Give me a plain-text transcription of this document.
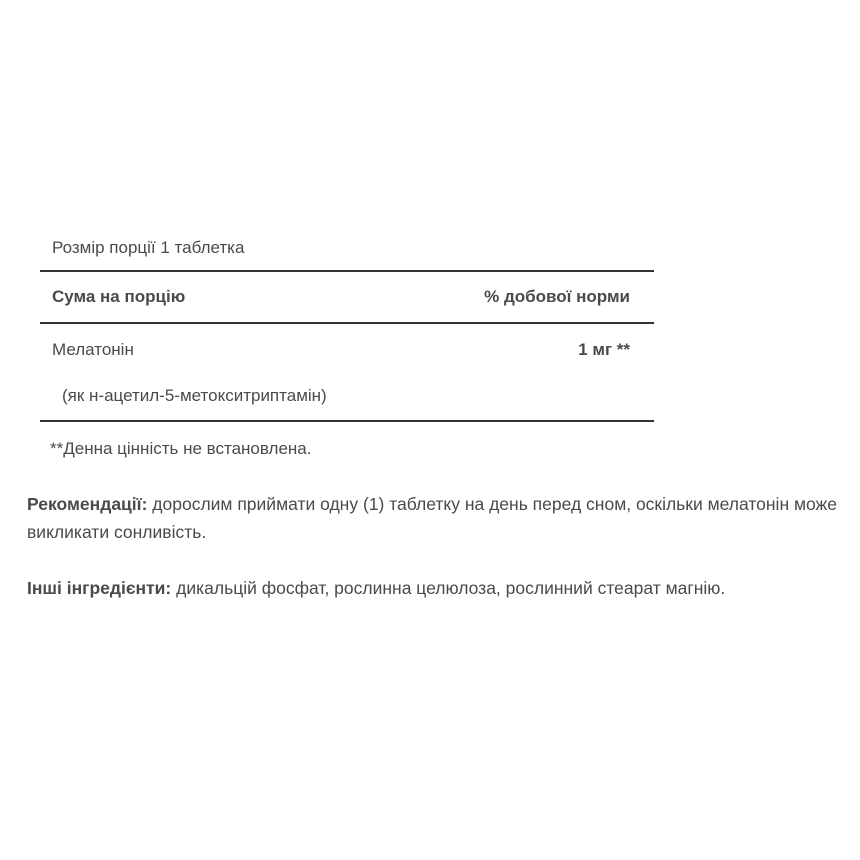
Розмір порції 1 таблетка
Сума на порцію	% добової норми
Мелатонін	1 мг **
(як н-ацетил-5-метокситриптамін)
**Денна цінність не встановлена.

Рекомендації: дорослим приймати одну (1) таблетку на день перед сном, оскільки мелатонін може викликати сонливість.

Інші інгредієнти: дикальцій фосфат, рослинна целюлоза, рослинний стеарат магнію.
